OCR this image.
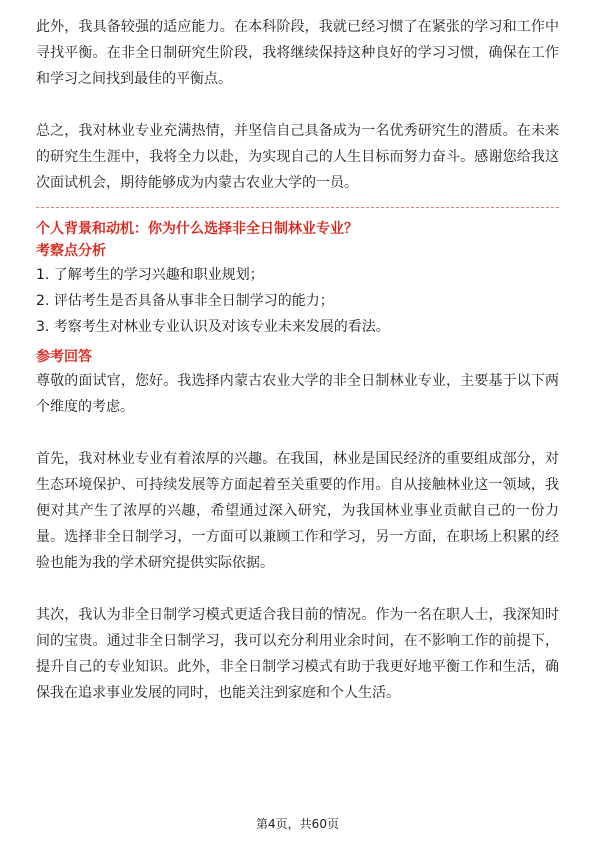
此外，我具备较强的适应能力。在本科阶段，我就已经习惯了在紧张的学习和工作中寻找平衡。在非全日制研究生阶段，我将继续保持这种良好的学习习惯，确保在工作和学习之间找到最佳的平衡点。

总之，我对林业专业充满热情，并坚信自己具备成为一名优秀研究生的潜质。在未来的研究生生涯中，我将全力以赴，为实现自己的人生目标而努力奋斗。感谢您给我这次面试机会，期待能够成为内蒙古农业大学的一员。

个人背景和动机：你为什么选择非全日制林业专业？

考察点分析

1. 了解考生的学习兴趣和职业规划；

2. 评估考生是否具备从事非全日制学习的能力；

3. 考察考生对林业专业认识及对该专业未来发展的看法。

参考回答

尊敬的面试官，您好。我选择内蒙古农业大学的非全日制林业专业，主要基于以下两个维度的考虑。

首先，我对林业专业有着浓厚的兴趣。在我国，林业是国民经济的重要组成部分，对生态环境保护、可持续发展等方面起着至关重要的作用。自从接触林业这一领域，我便对其产生了浓厚的兴趣，希望通过深入研究，为我国林业事业贡献自己的一份力量。选择非全日制学习，一方面可以兼顾工作和学习，另一方面，在职场上积累的经验也能为我的学术研究提供实际依据。

其次，我认为非全日制学习模式更适合我目前的情况。作为一名在职人士，我深知时间的宝贵。通过非全日制学习，我可以充分利用业余时间，在不影响工作的前提下，提升自己的专业知识。此外，非全日制学习模式有助于我更好地平衡工作和生活，确保我在追求事业发展的同时，也能关注到家庭和个人生活。

第4页，共60页
